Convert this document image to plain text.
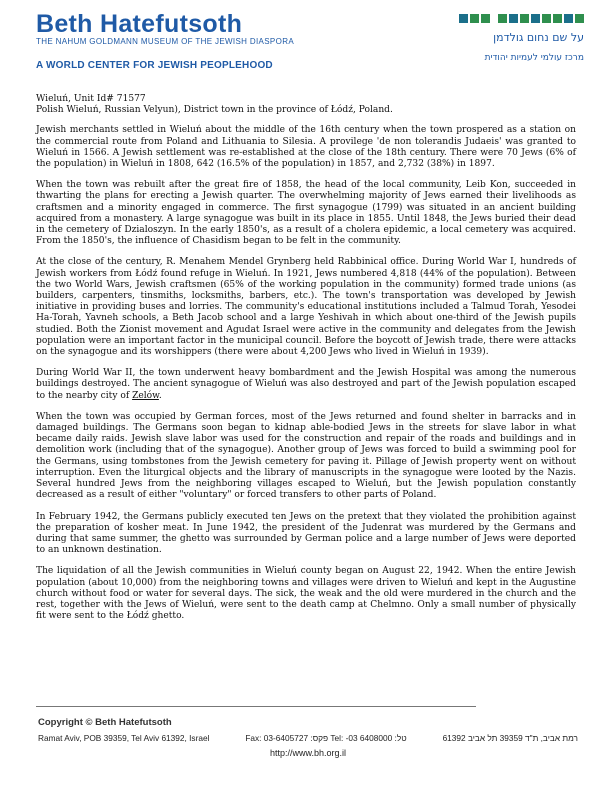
Beth Hatefutsoth
THE NAHUM GOLDMANN MUSEUM OF THE JEWISH DIASPORA
A WORLD CENTER FOR JEWISH PEOPLEHOOD
על שם נחום גולדמן
מרכז עולמי לעמיות יהודית

Wieluń, Unit Id# 71577
Polish Wieluń, Russian Velyun), District town in the province of Łódź, Poland.

Jewish merchants settled in Wieluń about the middle of the 16th century when the town prospered as a station on the commercial route from Poland and Lithuania to Silesia. A provilege 'de non tolerandis Judaeis' was granted to Wieluń in 1566. A Jewish settlement was re-established at the close of the 18th century. There were 70 Jews (6% of the population) in Wieluń in 1808, 642 (16.5% of the population) in 1857, and 2,732 (38%) in 1897.

When the town was rebuilt after the great fire of 1858, the head of the local community, Leib Kon, succeeded in thwarting the plans for erecting a Jewish quarter. The overwhelming majority of Jews earned their livelihoods as craftsmen and a minority engaged in commerce. The first synagogue (1799) was situated in an ancient building acquired from a monastery. A large synagogue was built in its place in 1855. Until 1848, the Jews buried their dead in the cemetery of Dzialoszyn. In the early 1850's, as a result of a cholera epidemic, a local cemetery was acquired. From the 1850's, the influence of Chasidism began to be felt in the community.

At the close of the century, R. Menahem Mendel Grynberg held Rabbinical office. During World War I, hundreds of Jewish workers from Łódź found refuge in Wieluń. In 1921, Jews numbered 4,818 (44% of the population). Between the two World Wars, Jewish craftsmen (65% of the working population in the community) formed trade unions (as builders, carpenters, tinsmiths, locksmiths, barbers, etc.). The town's transportation was developed by Jewish initiative in providing buses and lorries. The community's educational institutions included a Talmud Torah, Yesodei Ha-Torah, Yavneh schools, a Beth Jacob school and a large Yeshivah in which about one-third of the Jewish pupils studied. Both the Zionist movement and Agudat Israel were active in the community and delegates from the Jewish population were an important factor in the municipal council. Before the boycott of Jewish trade, there were attacks on the synagogue and its worshippers (there were about 4,200 Jews who lived in Wieluń in 1939).

During World War II, the town underwent heavy bombardment and the Jewish Hospital was among the numerous buildings destroyed. The ancient synagogue of Wieluń was also destroyed and part of the Jewish population escaped to the nearby city of Zelów.

When the town was occupied by German forces, most of the Jews returned and found shelter in barracks and in damaged buildings. The Germans soon began to kidnap able-bodied Jews in the streets for slave labor in what became daily raids. Jewish slave labor was used for the construction and repair of the roads and buildings and in demolition work (including that of the synagogue). Another group of Jews was forced to build a swimming pool for the Germans, using tombstones from the Jewish cemetery for paving it. Pillage of Jewish property went on without interruption. Even the liturgical objects and the library of manuscripts in the synagogue were looted by the Nazis. Several hundred Jews from the neighboring villages escaped to Wieluń, but the Jewish population constantly decreased as a result of either "voluntary" or forced transfers to other parts of Poland.

In February 1942, the Germans publicly executed ten Jews on the pretext that they violated the prohibition against the preparation of kosher meat. In June 1942, the president of the Judenrat was murdered by the Germans and during that same summer, the ghetto was surrounded by German police and a large number of Jews were deported to an unknown destination.

The liquidation of all the Jewish communities in Wieluń county began on August 22, 1942. When the entire Jewish population (about 10,000) from the neighboring towns and villages were driven to Wieluń and kept in the Augustine church without food or water for several days. The sick, the weak and the old were murdered in the church and the rest, together with the Jews of Wieluń, were sent to the death camp at Chelmno. Only a small number of physically fit were sent to the Łódź ghetto.

Copyright © Beth Hatefutsoth
Ramat Aviv, POB 39359, Tel Aviv 61392, Israel	Fax: 03-6405727 :פקס Tel: -03 6408000 :טל	רמת אביב, ת"ד 39359 תל אביב 61392
http://www.bh.org.il
